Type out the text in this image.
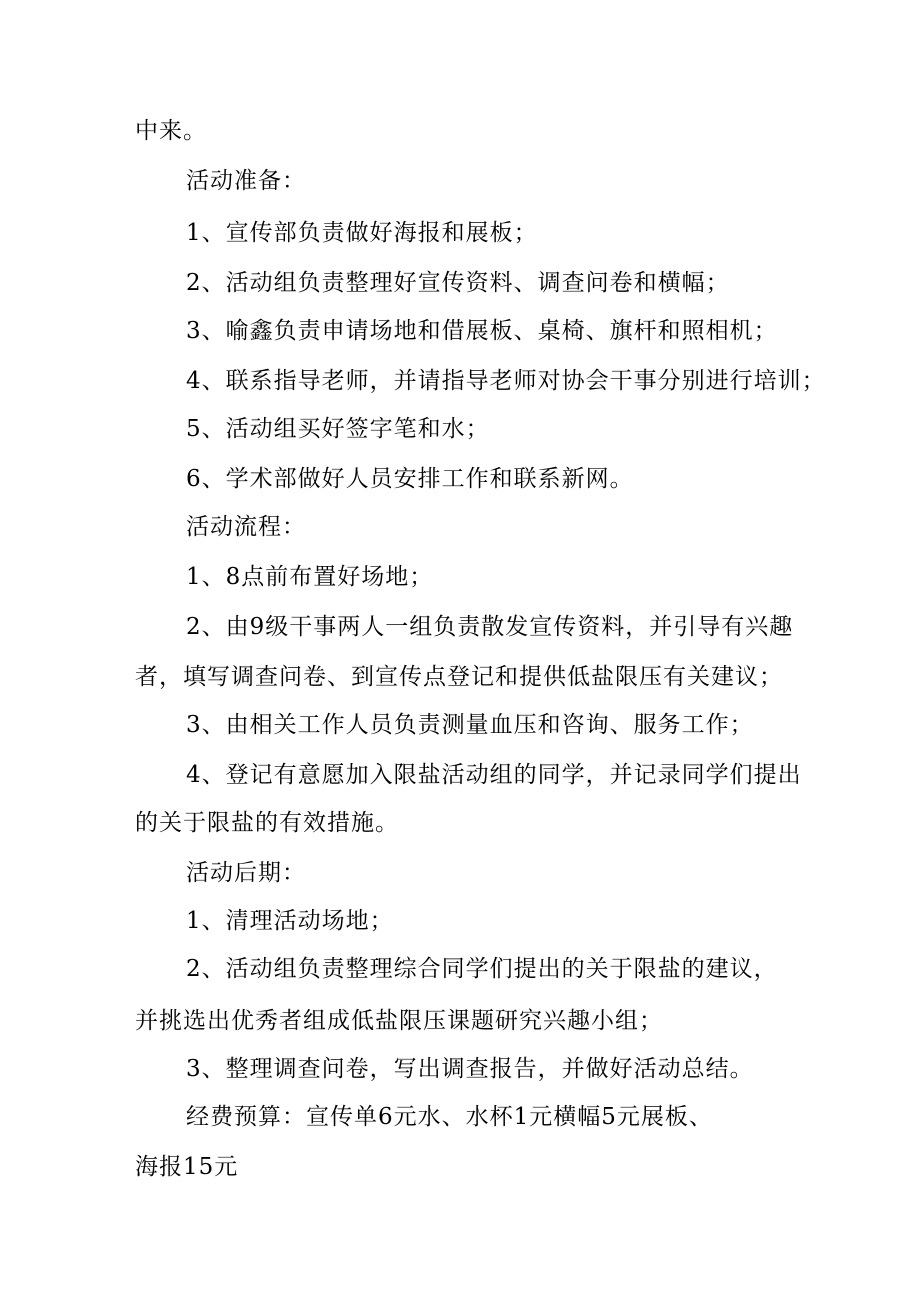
中来。
活动准备：
1、宣传部负责做好海报和展板；
2、活动组负责整理好宣传资料、调查问卷和横幅；
3、喻鑫负责申请场地和借展板、桌椅、旗杆和照相机；
4、联系指导老师，并请指导老师对协会干事分别进行培训；
5、活动组买好签字笔和水；
6、学术部做好人员安排工作和联系新网。
活动流程：
1、8点前布置好场地；
2、由9级干事两人一组负责散发宣传资料，并引导有兴趣
者，填写调查问卷、到宣传点登记和提供低盐限压有关建议；
3、由相关工作人员负责测量血压和咨询、服务工作；
4、登记有意愿加入限盐活动组的同学，并记录同学们提出
的关于限盐的有效措施。
活动后期：
1、清理活动场地；
2、活动组负责整理综合同学们提出的关于限盐的建议，
并挑选出优秀者组成低盐限压课题研究兴趣小组；
3、整理调查问卷，写出调查报告，并做好活动总结。
经费预算：宣传单6元水、水杯1元横幅5元展板、
海报15元
